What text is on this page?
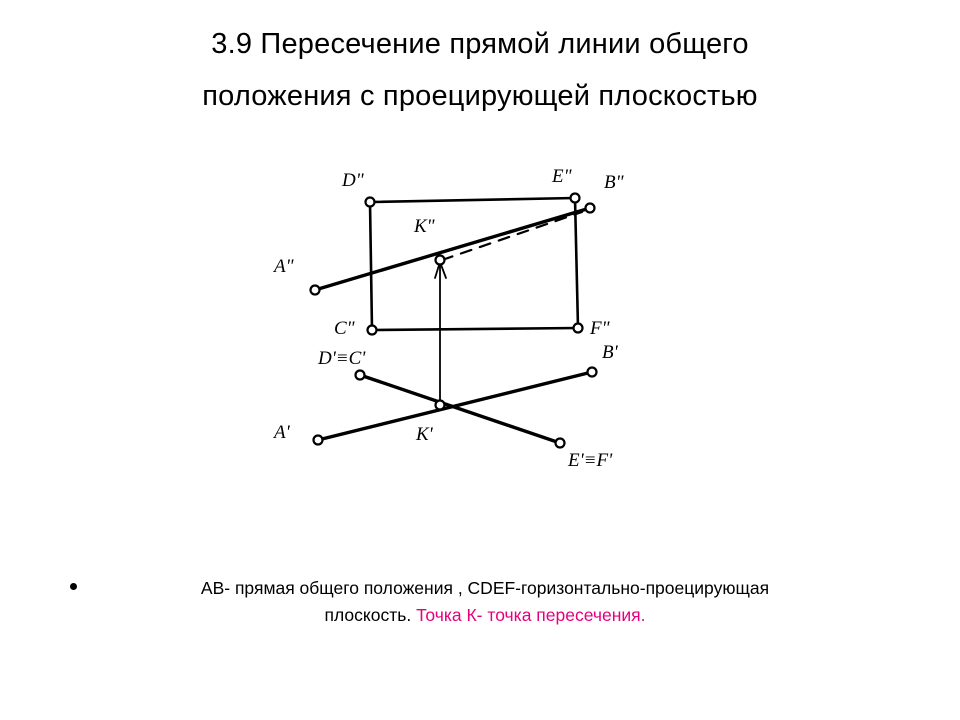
3.9 Пересечение прямой линии общего
положения с проецирующей плоскостью
D"	E" B"
A"
K"
C"	F"
D'≡C'	B'
A'	K'
E'≡F'
AB- прямая общего положения , CDEF-горизонтально-проецирующая
плоскость. Точка К- точка пересечения.
